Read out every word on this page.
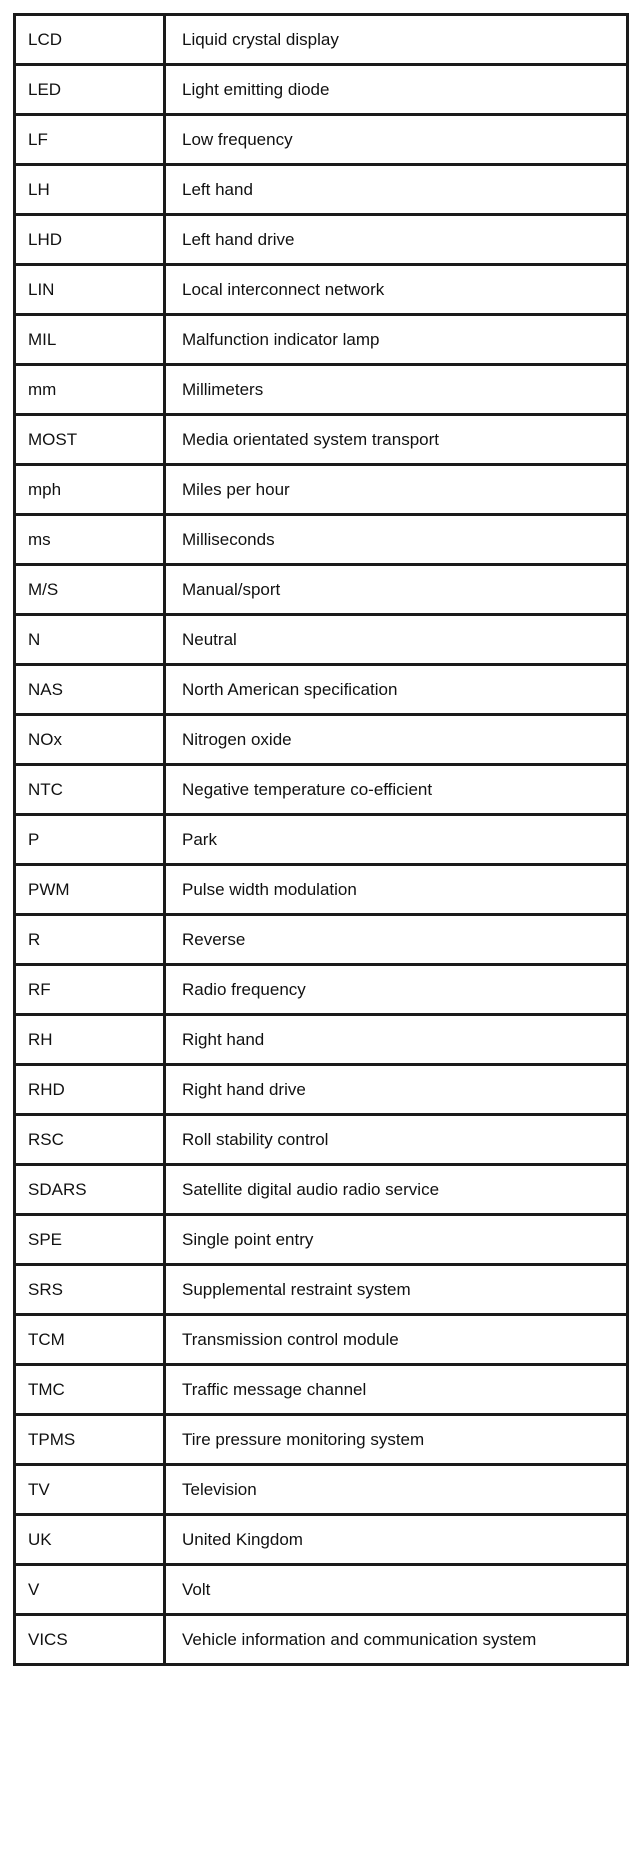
LCD	Liquid crystal display
LED	Light emitting diode
LF	Low frequency
LH	Left hand
LHD	Left hand drive
LIN	Local interconnect network
MIL	Malfunction indicator lamp
mm	Millimeters
MOST	Media orientated system transport
mph	Miles per hour
ms	Milliseconds
M/S	Manual/sport
N	Neutral
NAS	North American specification
NOx	Nitrogen oxide
NTC	Negative temperature co-efficient
P	Park
PWM	Pulse width modulation
R	Reverse
RF	Radio frequency
RH	Right hand
RHD	Right hand drive
RSC	Roll stability control
SDARS	Satellite digital audio radio service
SPE	Single point entry
SRS	Supplemental restraint system
TCM	Transmission control module
TMC	Traffic message channel
TPMS	Tire pressure monitoring system
TV	Television
UK	United Kingdom
V	Volt
VICS	Vehicle information and communication system
